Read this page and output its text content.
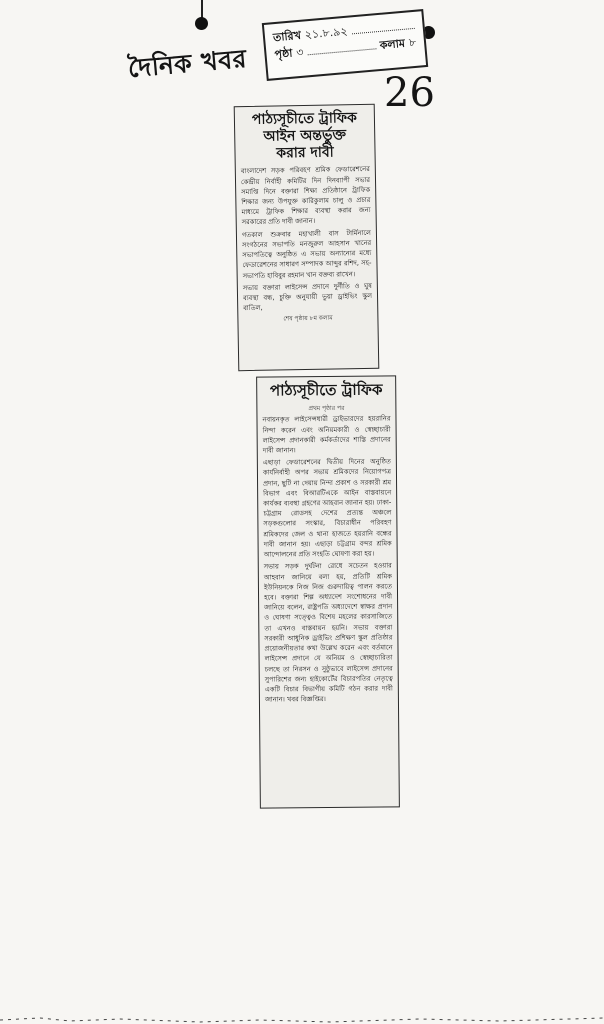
দৈনিক খবর
তারিখ ২১.৮.৯২
পৃষ্ঠা ৩
কলাম ৮
26
পাঠ্যসূচীতে ট্রাফিক
আইন অন্তর্ভুক্ত
করার দাবী

বাংলাদেশ সড়ক পরিবহণ শ্রমিক ফেডারেশনের কেন্দ্রীয় নির্বাহী কমিটির দিন দিনব্যাপী সভার সমাপ্তি দিনে বক্তারা শিক্ষা প্রতিষ্ঠানে ট্রাফিক শিক্ষার জন্য উপযুক্ত কারিকুলাম চালু ও প্রচার মাধ্যমে ট্রাফিক শিক্ষার ব্যবস্থা করার জন্য সরকারের প্রতি দাবী জানান।

গতকাল শুক্রবার মহাখালী বাস টার্মিনালে সংগঠনের সভাপতি মনজুরুল আহসান খানের সভাপতিত্বে অনুষ্ঠিত এ সভায় অন্যান্যের মধ্যে ফেডারেশনের সাধারণ সম্পাদক আব্দুর রশিদ, সহ-সভাপতি হাবিবুর রহমান খান বক্তব্য রাখেন।

সভায় বক্তারা লাইসেন্স প্রদানে দুর্নীতি ও ঘুষ ব্যবস্থা বন্ধ, চুক্তি অনুযায়ী ভুয়া ড্রাইভিং স্কুল বাতিল,

শেষ পৃষ্ঠায় ৮ম কলাম
পাঠ্যসূচীতে ট্রাফিক
প্রথম পৃষ্ঠার পর

নবায়নকৃত লাইসেন্সধারী ড্রাইভারদের হয়রানির নিন্দা করেন এবং অনিয়মকারী ও স্বেচ্ছাচারী লাইসেন্স প্রদানকারী কর্মকর্তাদের শাস্তি প্রদানের দাবী জানান।

এছাড়া ফেডারেশনের দ্বিতীয় দিনের অনুষ্ঠিত কার্যনির্বাহী অপর সভায় শ্রমিকদের নিয়োগপত্র প্রদান, ছুটি না দেয়ায় নিন্দা প্রকাশ ও সরকারী শ্রম বিভাগ এবং বিআরটিএকে আইন বাস্তবায়নে কার্যকর ব্যবস্থা গ্রহণের আহবান জানান হয়। ঢাকা-চট্টগ্রাম রোডসহ দেশের প্রত্যন্ত অঞ্চলে সড়কগুলোর সংস্কার, বিচারাধীন পরিবহণ শ্রমিকদের জেল ও থানা হাজতে হয়রানি বন্ধের দাবী জানান হয়। এছাড়া চট্টগ্রাম বন্দর শ্রমিক আন্দোলনের প্রতি সংহতি ঘোষণা করা হয়।

সভায় সড়ক দুর্ঘটনা রোধে সচেতন হওয়ার আহবান জানিয়ে বলা হয়, প্রতিটি শ্রমিক ইউনিয়নকে নিজ নিজ গুরুদায়িত্ব পালন করতে হবে। বক্তারা শিল্প অধ্যাদেশ সংশোধনের দাবী জানিয়ে বলেন, রাষ্ট্রপতি অধ্যাদেশে স্বাক্ষর প্রদান ও ঘোষণা সত্ত্বেও বিশেষ মহলের কারসাজিতে তা এখনও বাস্তবায়ন হয়নি। সভায় বক্তারা সরকারী আধুনিক ড্রাইভিং প্রশিক্ষণ স্কুল প্রতিষ্ঠার প্রয়োজনীয়তার কথা উল্লেখ করেন এবং বর্তমানে লাইসেন্স প্রদানে যে অনিয়ম ও স্বেচ্ছাচারিতা চলছে তা নিরসন ও সুষ্ঠুভাবে লাইসেন্স প্রদানের সুপারিশের জন্য হাইকোর্টের বিচারপতির নেতৃত্বে একটি বিচার বিভাগীয় কমিটি গঠন করার দাবী জানান। খবর বিজ্ঞপ্তির।
